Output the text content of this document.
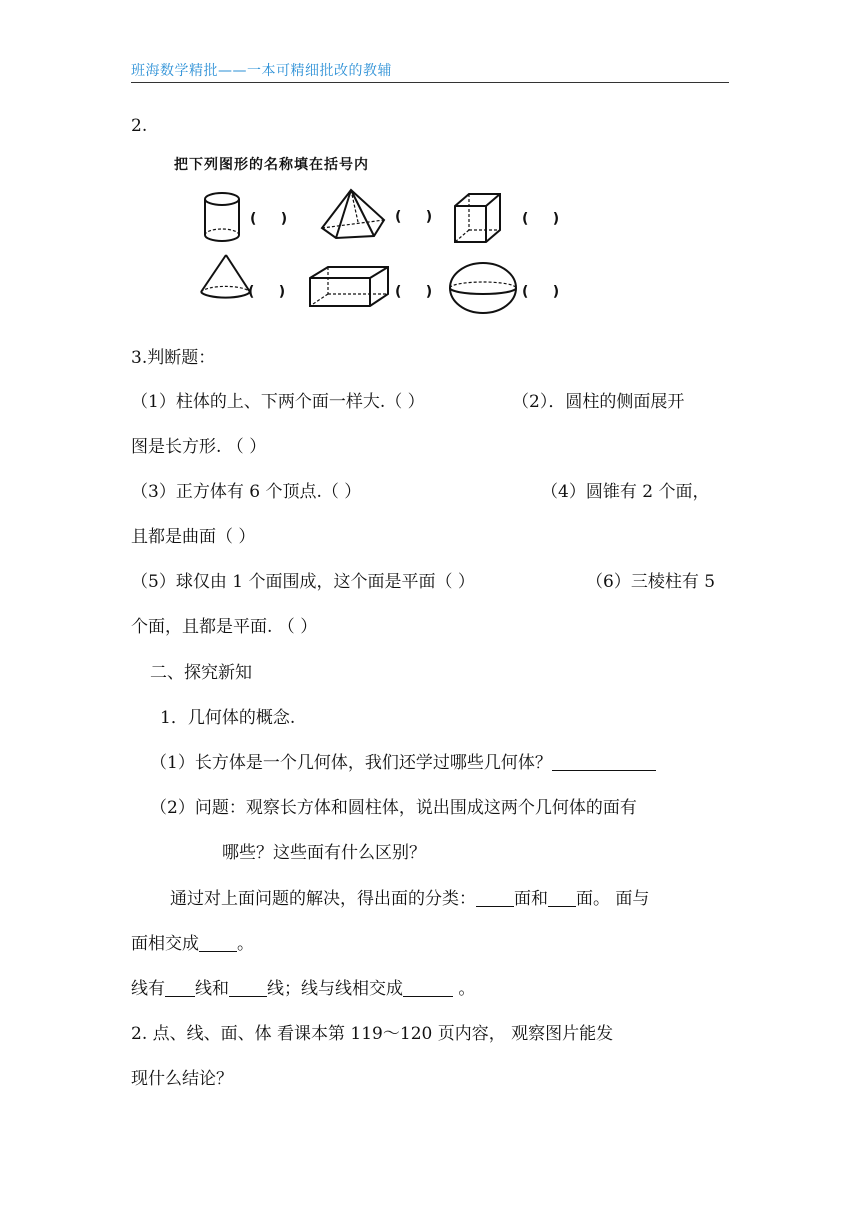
班海数学精批——一本可精细批改的教辅
2.
把下列图形的名称填在括号内
(     )	(     )	(     )
(     )	(     )	(     )
3.判断题：
（1）柱体的上、下两个面一样大.（ ）	（2）．圆柱的侧面展开
图是长方形. （ ）
（3）正方体有 6 个顶点.（ ）	（4）圆锥有 2 个面，
且都是曲面（ ）
（5）球仅由 1 个面围成，这个面是平面（ ）	（6）三棱柱有 5
个面，且都是平面. （ ）
二、探究新知
1．几何体的概念.
（1）长方体是一个几何体，我们还学过哪些几何体？
（2）问题：观察长方体和圆柱体，说出围成这两个几何体的面有
哪些？这些面有什么区别？
通过对上面问题的解决，得出面的分类： 面和 面。 面与
面相交成 。
线有 线和 线；线与线相交成	。
2. 点、线、面、体 看课本第 119～120 页内容， 观察图片能发
现什么结论？
